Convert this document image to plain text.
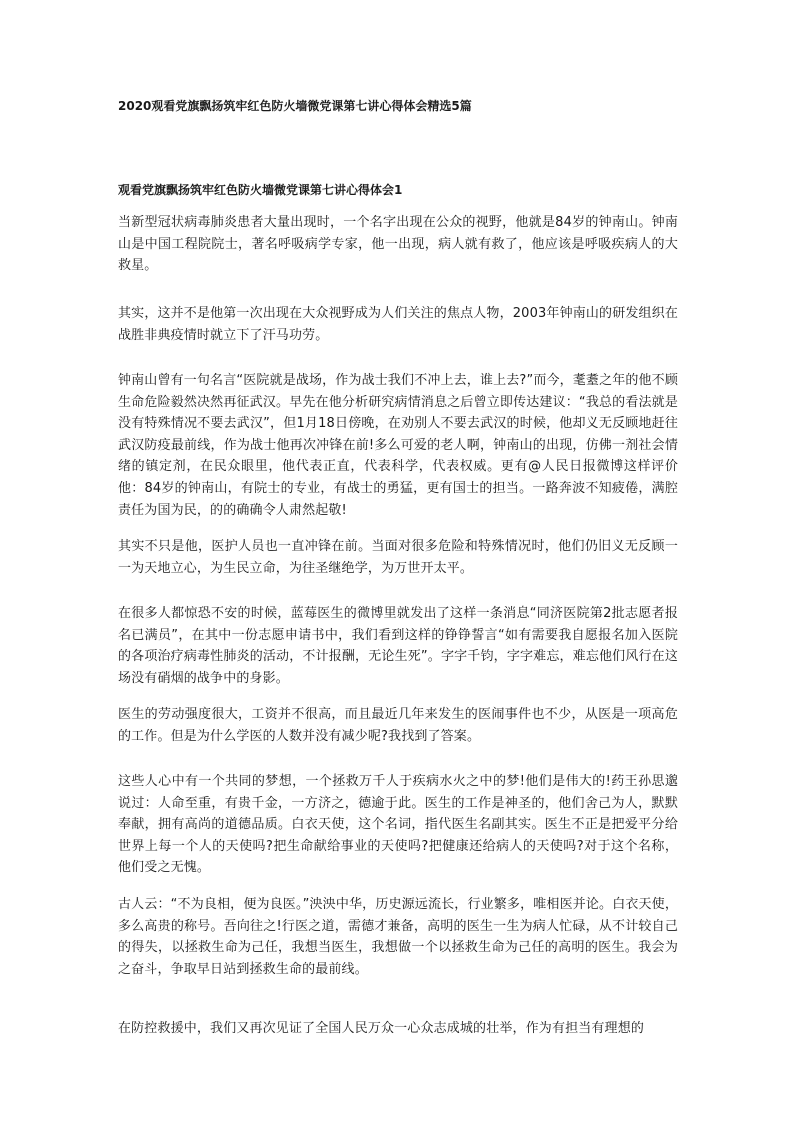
2020观看党旗飘扬筑牢红色防火墙微党课第七讲心得体会精选5篇
观看党旗飘扬筑牢红色防火墙微党课第七讲心得体会1

当新型冠状病毒肺炎患者大量出现时，一个名字出现在公众的视野，他就是84岁的钟南山。钟南山是中国工程院院士，著名呼吸病学专家，他一出现，病人就有救了，他应该是呼吸疾病人的大救星。

其实，这并不是他第一次出现在大众视野成为人们关注的焦点人物，2003年钟南山的研发组织在战胜非典疫情时就立下了汗马功劳。

钟南山曾有一句名言“医院就是战场，作为战士我们不冲上去，谁上去?”而今，耄耋之年的他不顾生命危险毅然决然再征武汉。早先在他分析研究病情消息之后曾立即传达建议：“我总的看法就是没有特殊情况不要去武汉”，但1月18日傍晚，在劝别人不要去武汉的时候，他却义无反顾地赶往武汉防疫最前线，作为战士他再次冲锋在前!多么可爱的老人啊，钟南山的出现，仿佛一剂社会情绪的镇定剂，在民众眼里，他代表正直，代表科学，代表权威。更有@人民日报微博这样评价他：84岁的钟南山，有院士的专业，有战士的勇猛，更有国士的担当。一路奔波不知疲倦，满腔责任为国为民，的的确确令人肃然起敬!

其实不只是他，医护人员也一直冲锋在前。当面对很多危险和特殊情况时，他们仍旧义无反顾一一为天地立心，为生民立命，为往圣继绝学，为万世开太平。

在很多人都惊恐不安的时候，蓝莓医生的微博里就发出了这样一条消息“同济医院第2批志愿者报名已满员”，在其中一份志愿申请书中，我们看到这样的铮铮誓言“如有需要我自愿报名加入医院的各项治疗病毒性肺炎的活动，不计报酬，无论生死”。字字千钧，字字难忘，难忘他们风行在这场没有硝烟的战争中的身影。

医生的劳动强度很大，工资并不很高，而且最近几年来发生的医闹事件也不少，从医是一项高危的工作。但是为什么学医的人数并没有减少呢?我找到了答案。

这些人心中有一个共同的梦想，一个拯救万千人于疾病水火之中的梦!他们是伟大的!药王孙思邈说过：人命至重，有贵千金，一方济之，德逾于此。医生的工作是神圣的，他们舍己为人，默默奉献，拥有高尚的道德品质。白衣天使，这个名词，指代医生名副其实。医生不正是把爱平分给世界上每一个人的天使吗?把生命献给事业的天使吗?把健康还给病人的天使吗?对于这个名称，他们受之无愧。

古人云：“不为良相，便为良医。”泱泱中华，历史源远流长，行业繁多，唯相医并论。白衣天使，多么高贵的称号。吾向往之!行医之道，需德才兼备，高明的医生一生为病人忙碌，从不计较自己的得失，以拯救生命为己任，我想当医生，我想做一个以拯救生命为己任的高明的医生。我会为之奋斗，争取早日站到拯救生命的最前线。

在防控救援中，我们又再次见证了全国人民万众一心众志成城的壮举，作为有担当有理想的
